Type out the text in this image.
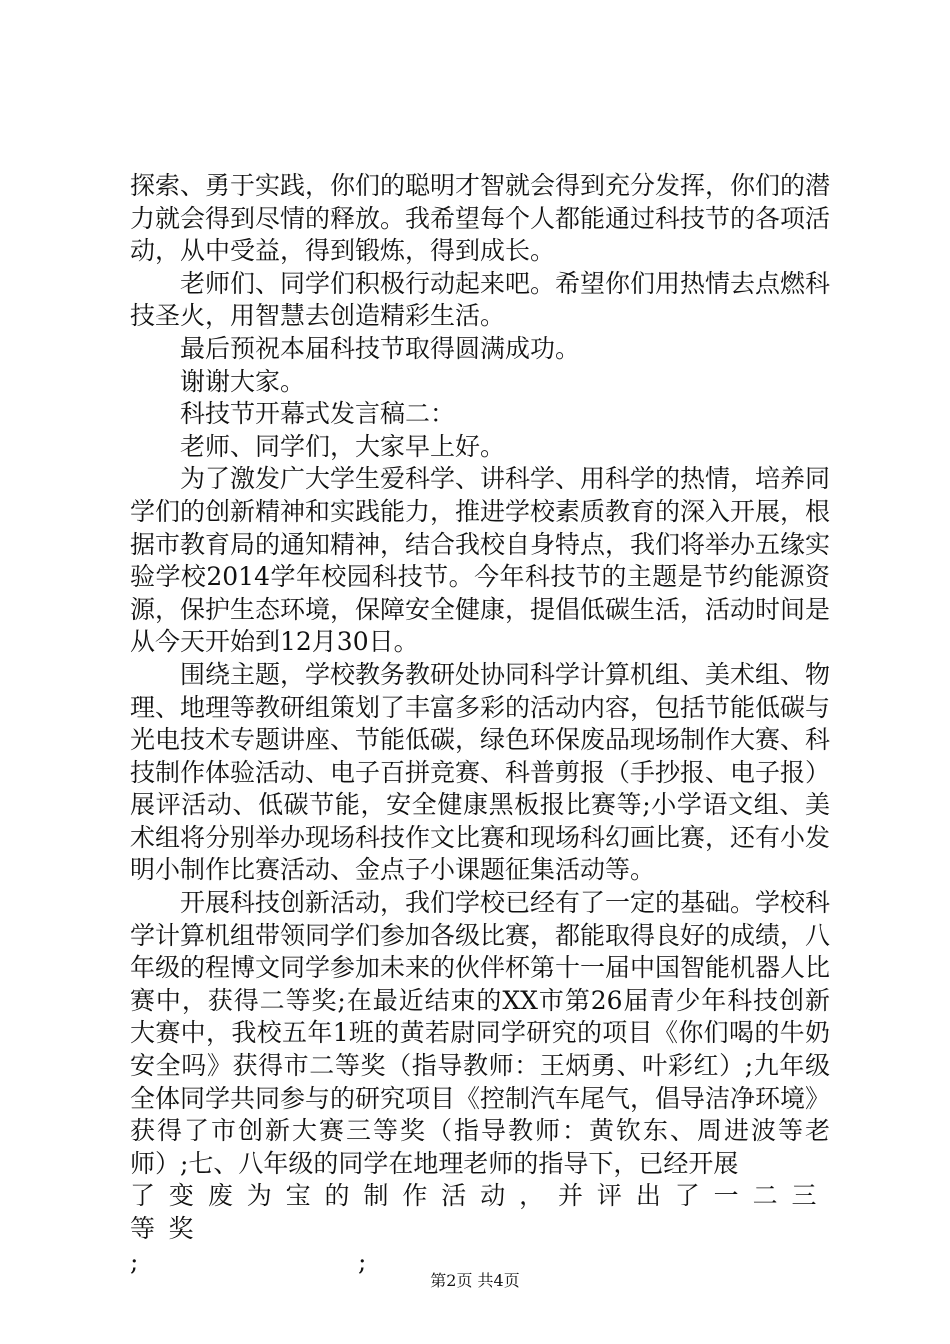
探索、勇于实践，你们的聪明才智就会得到充分发挥，你们的潜力就会得到尽情的释放。我希望每个人都能通过科技节的各项活动，从中受益，得到锻炼，得到成长。

老师们、同学们积极行动起来吧。希望你们用热情去点燃科技圣火，用智慧去创造精彩生活。

最后预祝本届科技节取得圆满成功。

谢谢大家。

科技节开幕式发言稿二：

老师、同学们，大家早上好。

为了激发广大学生爱科学、讲科学、用科学的热情，培养同学们的创新精神和实践能力，推进学校素质教育的深入开展，根据市教育局的通知精神，结合我校自身特点，我们将举办五缘实验学校2014学年校园科技节。今年科技节的主题是节约能源资源，保护生态环境，保障安全健康，提倡低碳生活，活动时间是从今天开始到12月30日。

围绕主题，学校教务教研处协同科学计算机组、美术组、物理、地理等教研组策划了丰富多彩的活动内容，包括节能低碳与光电技术专题讲座、节能低碳，绿色环保废品现场制作大赛、科技制作体验活动、电子百拼竞赛、科普剪报（手抄报、电子报）展评活动、低碳节能，安全健康黑板报比赛等;小学语文组、美术组将分别举办现场科技作文比赛和现场科幻画比赛，还有小发明小制作比赛活动、金点子小课题征集活动等。

开展科技创新活动，我们学校已经有了一定的基础。学校科学计算机组带领同学们参加各级比赛，都能取得良好的成绩，八年级的程博文同学参加未来的伙伴杯第十一届中国智能机器人比赛中，获得二等奖;在最近结束的XX市第26届青少年科技创新大赛中，我校五年1班的黄若尉同学研究的项目《你们喝的牛奶安全吗》获得市二等奖（指导教师：王炳勇、叶彩红）;九年级全体同学共同参与的研究项目《控制汽车尾气，倡导洁净环境》获得了市创新大赛三等奖（指导教师：黄钦东、周进波等老师）;七、八年级的同学在地理老师的指导下，已经开展

了变废为宝的制作活动，并评出了一二三等奖

;	;
第2页 共4页
